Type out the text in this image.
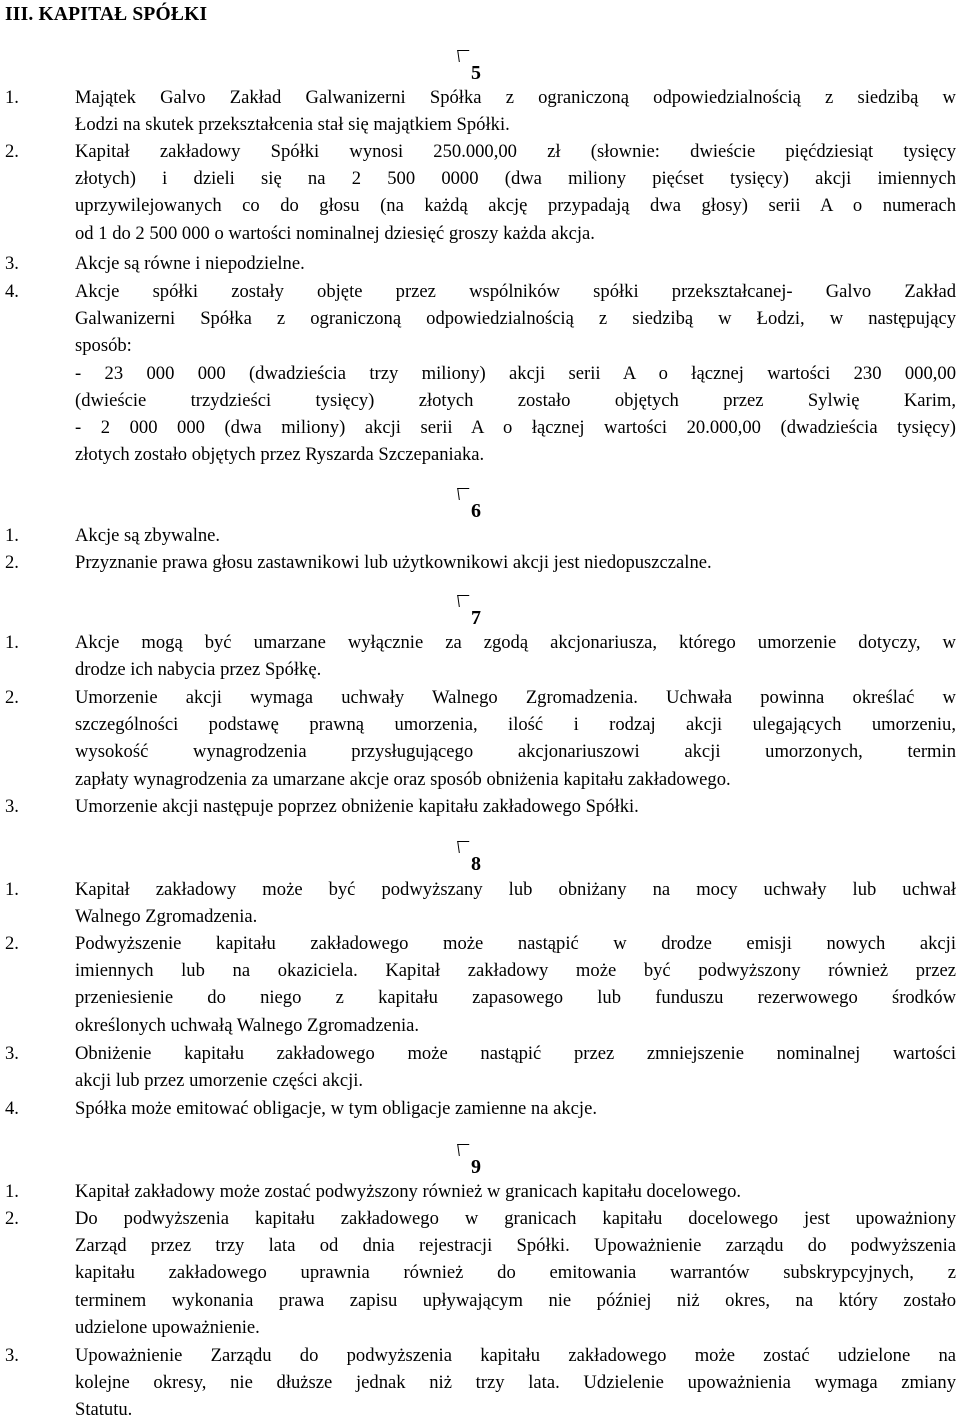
III. KAPITAŁ SPÓŁKI
5
1.	Majątek Galvo Zakład Galwanizerni Spółka z ograniczoną odpowiedzialnością z siedzibą w
Łodzi na skutek przekształcenia stał się majątkiem Spółki.
2.	Kapitał zakładowy Spółki wynosi 250.000,00 zł (słownie: dwieście pięćdziesiąt tysięcy
złotych) i dzieli się na 2 500 0000 (dwa miliony pięćset tysięcy) akcji imiennych
uprzywilejowanych co do głosu (na każdą akcję przypadają dwa głosy) serii A o numerach
od 1 do 2 500 000 o wartości nominalnej dziesięć groszy każda akcja.
3.	Akcje są równe i niepodzielne.
4.	Akcje spółki zostały objęte przez wspólników spółki przekształcanej- Galvo Zakład
Galwanizerni Spółka z ograniczoną odpowiedzialnością z siedzibą w Łodzi, w następujący
sposób:
- 23 000 000 (dwadzieścia trzy miliony) akcji serii A o łącznej wartości 230 000,00
(dwieście trzydzieści tysięcy) złotych zostało objętych przez Sylwię Karim,
- 2 000 000 (dwa miliony) akcji serii A o łącznej wartości 20.000,00 (dwadzieścia tysięcy)
złotych zostało objętych przez Ryszarda Szczepaniaka.
6
1.	Akcje są zbywalne.
2.	Przyznanie prawa głosu zastawnikowi lub użytkownikowi akcji jest niedopuszczalne.
7
1.	Akcje mogą być umarzane wyłącznie za zgodą akcjonariusza, którego umorzenie dotyczy, w
drodze ich nabycia przez Spółkę.
2.	Umorzenie akcji wymaga uchwały Walnego Zgromadzenia. Uchwała powinna określać w
szczególności podstawę prawną umorzenia, ilość i rodzaj akcji ulegających umorzeniu,
wysokość wynagrodzenia przysługującego akcjonariuszowi akcji umorzonych, termin
zapłaty wynagrodzenia za umarzane akcje oraz sposób obniżenia kapitału zakładowego.
3.	Umorzenie akcji następuje poprzez obniżenie kapitału zakładowego Spółki.
8
1.	Kapitał zakładowy może być podwyższany lub obniżany na mocy uchwały lub uchwał
Walnego Zgromadzenia.
2.	Podwyższenie kapitału zakładowego może nastąpić w drodze emisji nowych akcji
imiennych lub na okaziciela. Kapitał zakładowy może być podwyższony również przez
przeniesienie do niego z kapitału zapasowego lub funduszu rezerwowego środków
określonych uchwałą Walnego Zgromadzenia.
3.	Obniżenie kapitału zakładowego może nastąpić przez zmniejszenie nominalnej wartości
akcji lub przez umorzenie części akcji.
4.	Spółka może emitować obligacje, w tym obligacje zamienne na akcje.
9
1.	Kapitał zakładowy może zostać podwyższony również w granicach kapitału docelowego.
2.	Do podwyższenia kapitału zakładowego w granicach kapitału docelowego jest upoważniony
Zarząd przez trzy lata od dnia rejestracji Spółki. Upoważnienie zarządu do podwyższenia
kapitału zakładowego uprawnia również do emitowania warrantów subskrypcyjnych, z
terminem wykonania prawa zapisu upływającym nie później niż okres, na który zostało
udzielone upoważnienie.
3.	Upoważnienie Zarządu do podwyższenia kapitału zakładowego może zostać udzielone na
kolejne okresy, nie dłuższe jednak niż trzy lata. Udzielenie upoważnienia wymaga zmiany
Statutu.
